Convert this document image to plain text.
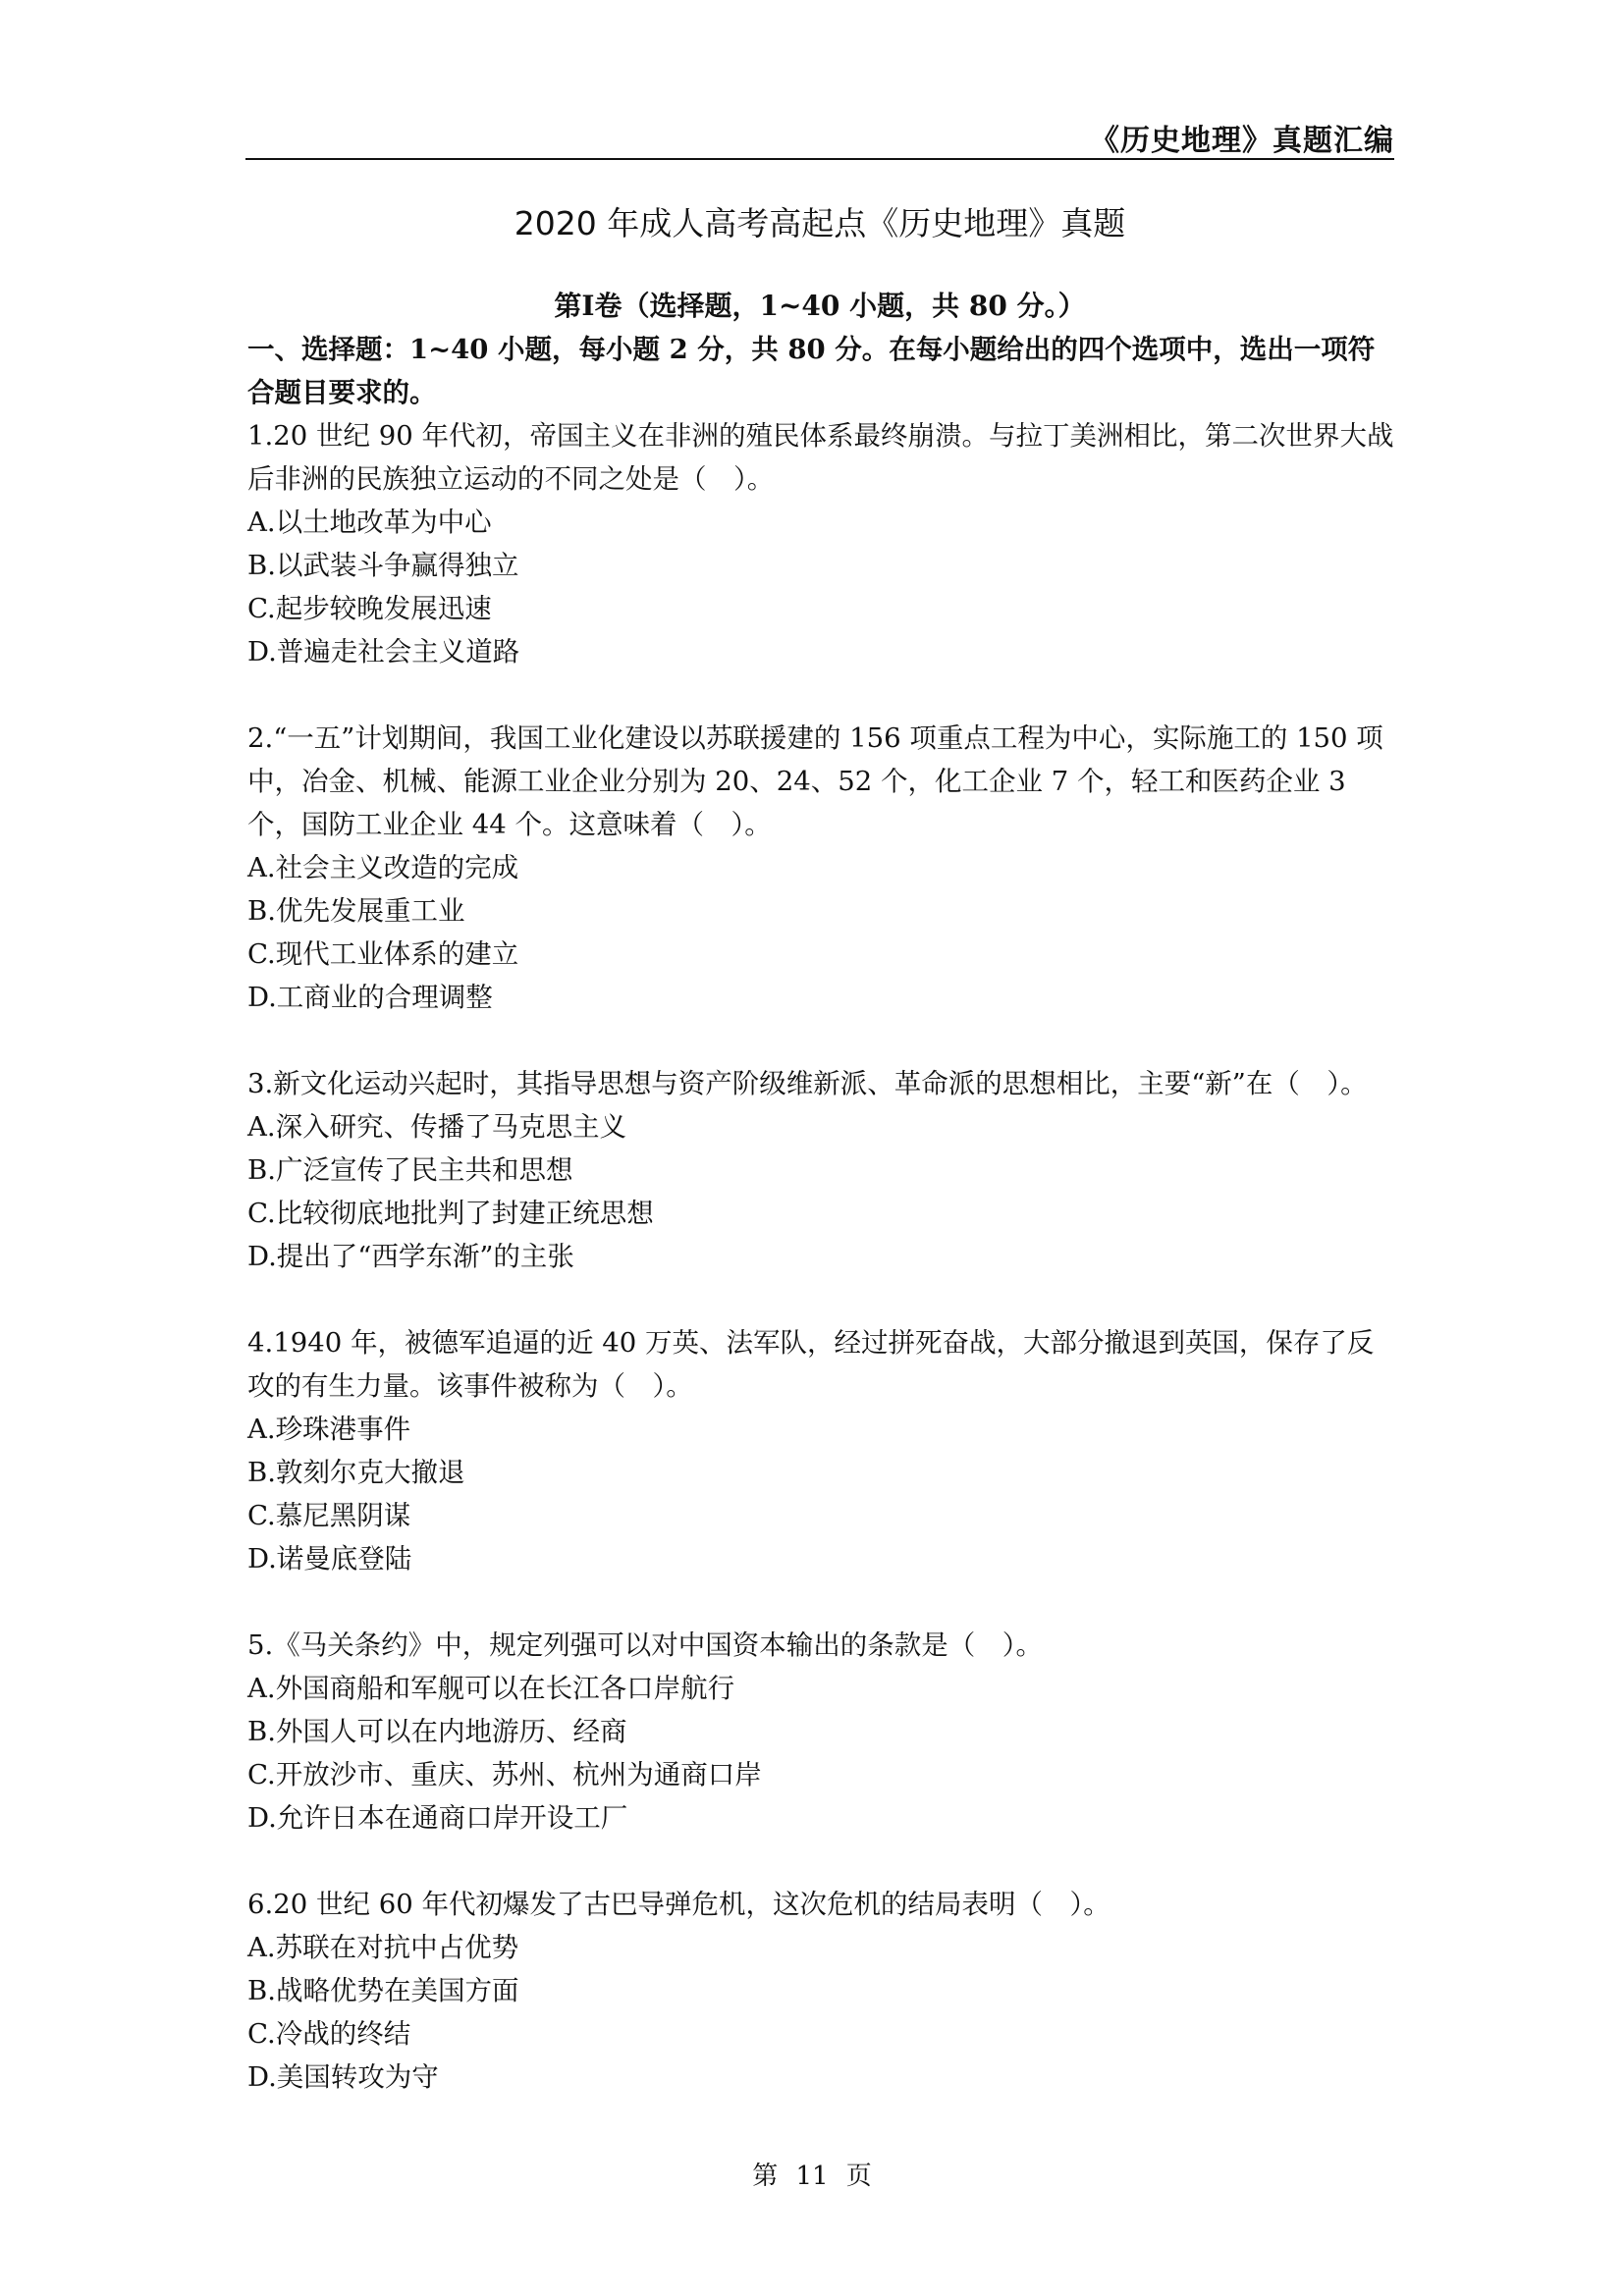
《历史地理》真题汇编
2020 年成人高考高起点《历史地理》真题
第Ⅰ卷（选择题，1~40 小题，共 80 分。）

一、选择题：1~40 小题，每小题 2 分，共 80 分。在每小题给出的四个选项中，选出一项符合题目要求的。

1.20 世纪 90 年代初，帝国主义在非洲的殖民体系最终崩溃。与拉丁美洲相比，第二次世界大战后非洲的民族独立运动的不同之处是（　）。

A.以土地改革为中心

B.以武装斗争赢得独立

C.起步较晚发展迅速

D.普遍走社会主义道路

2.“一五”计划期间，我国工业化建设以苏联援建的 156 项重点工程为中心，实际施工的 150 项中，冶金、机械、能源工业企业分别为 20、24、52 个，化工企业 7 个，轻工和医药企业 3 个，国防工业企业 44 个。这意味着（　）。

A.社会主义改造的完成

B.优先发展重工业

C.现代工业体系的建立

D.工商业的合理调整

3.新文化运动兴起时，其指导思想与资产阶级维新派、革命派的思想相比，主要“新”在（　）。

A.深入研究、传播了马克思主义

B.广泛宣传了民主共和思想

C.比较彻底地批判了封建正统思想

D.提出了“西学东渐”的主张

4.1940 年，被德军追逼的近 40 万英、法军队，经过拼死奋战，大部分撤退到英国，保存了反攻的有生力量。该事件被称为（　）。

A.珍珠港事件

B.敦刻尔克大撤退

C.慕尼黑阴谋

D.诺曼底登陆

5.《马关条约》中，规定列强可以对中国资本输出的条款是（　）。

A.外国商船和军舰可以在长江各口岸航行

B.外国人可以在内地游历、经商

C.开放沙市、重庆、苏州、杭州为通商口岸

D.允许日本在通商口岸开设工厂

6.20 世纪 60 年代初爆发了古巴导弹危机，这次危机的结局表明（　）。

A.苏联在对抗中占优势

B.战略优势在美国方面

C.冷战的终结

D.美国转攻为守

第 11 页
